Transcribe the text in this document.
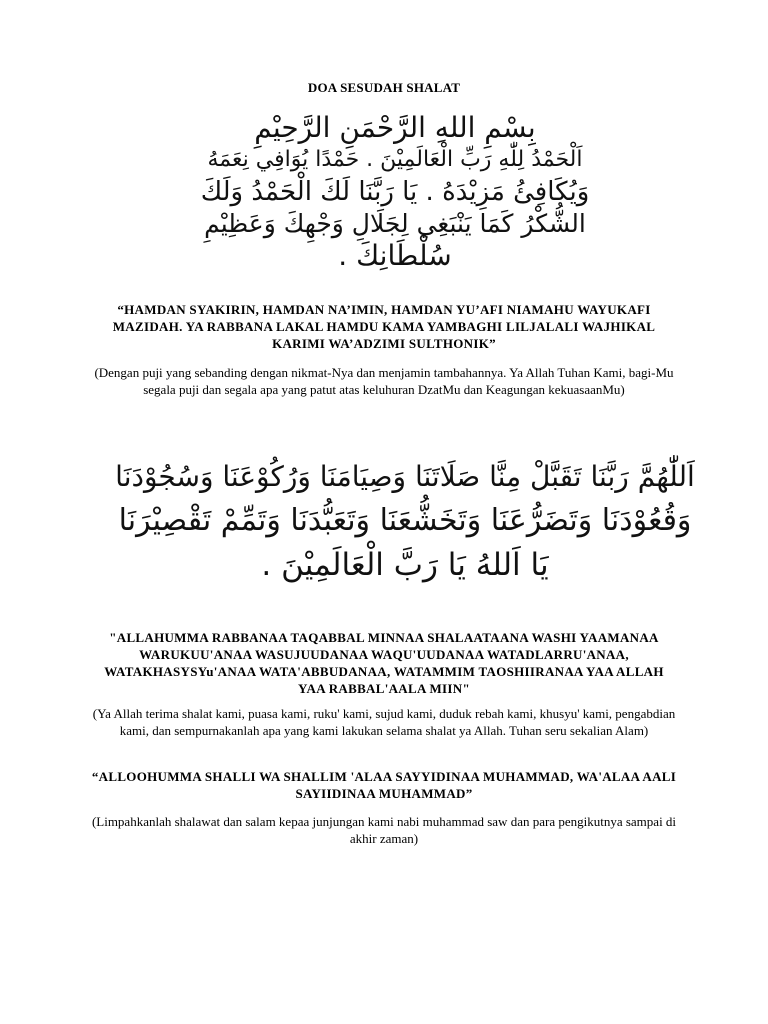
DOA SESUDAH SHALAT
بِسْمِ اللهِ الرَّحْمَنِ الرَّحِيْمِ
اَلْحَمْدُ لِلّٰهِ رَبِّ الْعَالَمِيْنَ . حَمْدًا يُوَافِي نِعَمَهُ
وَيُكَافِئُ مَزِيْدَهُ . يَا رَبَّنَا لَكَ الْحَمْدُ وَلَكَ
الشُّكْرُ كَمَا يَنْبَغِي لِجَلَالِ وَجْهِكَ وَعَظِيْمِ
سُلْطَانِكَ .
“HAMDAN SYAKIRIN, HAMDAN NA’IMIN, HAMDAN YU’AFI NIAMAHU WAYUKAFI MAZIDAH. YA RABBANA LAKAL HAMDU KAMA YAMBAGHI LILJALALI WAJHIKAL KARIMI WA’ADZIMI SULTHONIK”
(Dengan puji yang sebanding dengan nikmat-Nya dan menjamin tambahannya. Ya Allah Tuhan Kami, bagi-Mu segala puji dan segala apa yang patut atas keluhuran DzatMu dan Keagungan kekuasaanMu)
اَللّٰهُمَّ رَبَّنَا تَقَبَّلْ مِنَّا صَلَاتَنَا وَصِيَامَنَا وَرُكُوْعَنَا وَسُجُوْدَنَا
وَقُعُوْدَنَا وَتَضَرُّعَنَا وَتَخَشُّعَنَا وَتَعَبُّدَنَا وَتَمِّمْ تَقْصِيْرَنَا
يَا اَللهُ يَا رَبَّ الْعَالَمِيْنَ .
"ALLAHUMMA RABBANAA TAQABBAL MINNAA SHALAATAANA WASHI YAAMANAA WARUKUU'ANAA WASUJUUDANAA WAQU'UUDANAA WATADLARRU'ANAA, WATAKHASYSYu'ANAA WATA'ABBUDANAA, WATAMMIM TAOSHIIRANAA YAA ALLAH YAA RABBAL'AALA MIIN"
(Ya Allah terima shalat kami, puasa kami, ruku' kami, sujud kami, duduk rebah kami, khusyu' kami, pengabdian kami, dan sempurnakanlah apa yang kami lakukan selama shalat ya Allah. Tuhan seru sekalian Alam)
“ALLOOHUMMA SHALLI WA SHALLIM 'ALAA SAYYIDINAA MUHAMMAD, WA'ALAA AALI SAYIIDINAA MUHAMMAD”
(Limpahkanlah shalawat dan salam kepaa junjungan kami nabi muhammad saw dan para pengikutnya sampai di akhir zaman)
